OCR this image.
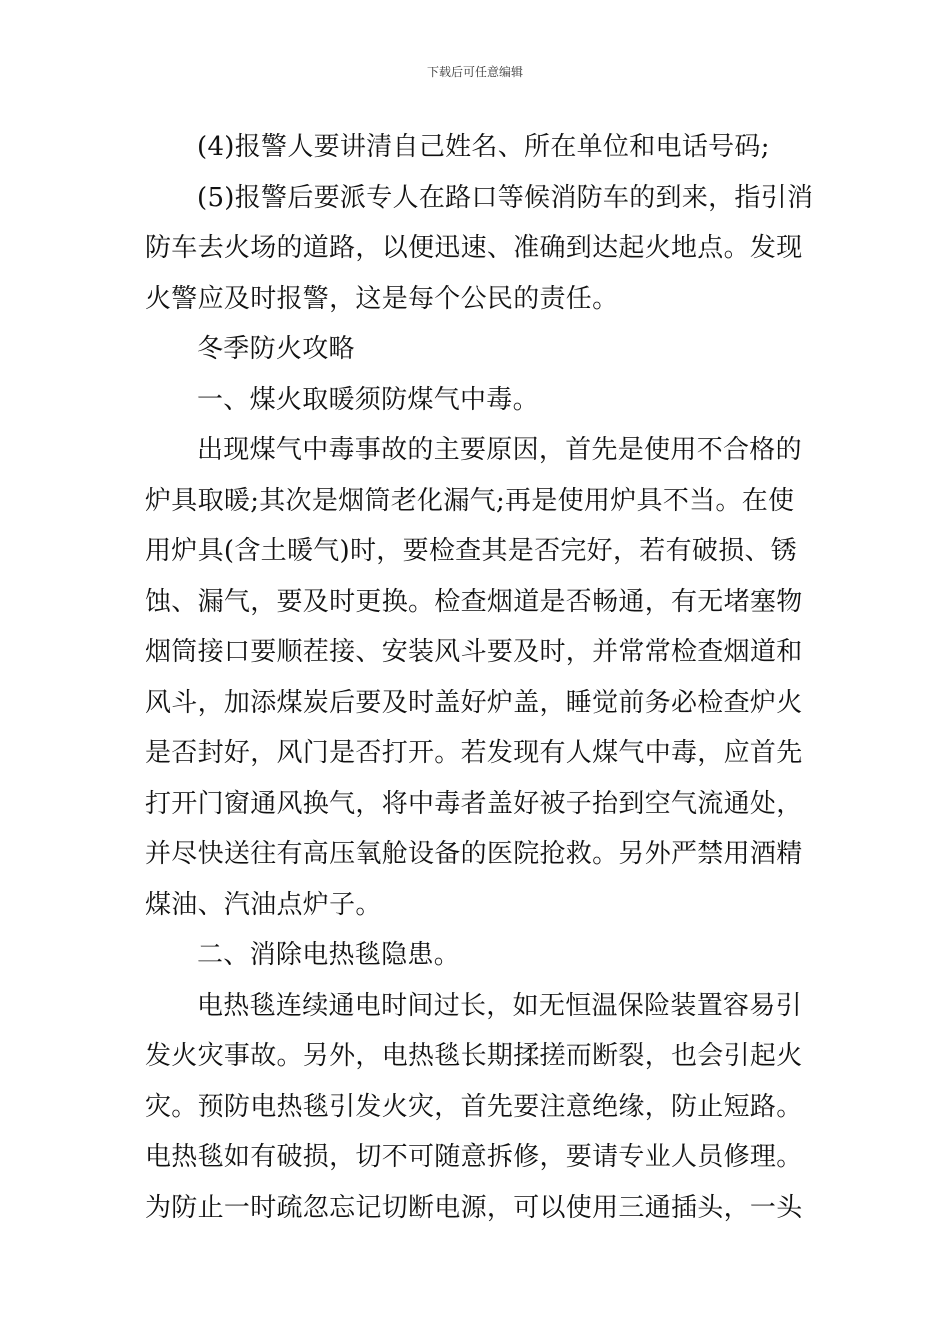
下载后可任意编辑
(4)报警人要讲清自己姓名、所在单位和电话号码;
(5)报警后要派专人在路口等候消防车的到来，指引消
防车去火场的道路，以便迅速、准确到达起火地点。发现
火警应及时报警，这是每个公民的责任。
冬季防火攻略
一、煤火取暖须防煤气中毒。
出现煤气中毒事故的主要原因，首先是使用不合格的
炉具取暖;其次是烟筒老化漏气;再是使用炉具不当。在使
用炉具(含土暖气)时，要检查其是否完好，若有破损、锈
蚀、漏气，要及时更换。检查烟道是否畅通，有无堵塞物
烟筒接口要顺茬接、安装风斗要及时，并常常检查烟道和
风斗，加添煤炭后要及时盖好炉盖，睡觉前务必检查炉火
是否封好，风门是否打开。若发现有人煤气中毒，应首先
打开门窗通风换气，将中毒者盖好被子抬到空气流通处，
并尽快送往有高压氧舱设备的医院抢救。另外严禁用酒精
煤油、汽油点炉子。
二、消除电热毯隐患。
电热毯连续通电时间过长，如无恒温保险装置容易引
发火灾事故。另外，电热毯长期揉搓而断裂，也会引起火
灾。预防电热毯引发火灾，首先要注意绝缘，防止短路。
电热毯如有破损，切不可随意拆修，要请专业人员修理。
为防止一时疏忽忘记切断电源，可以使用三通插头，一头
